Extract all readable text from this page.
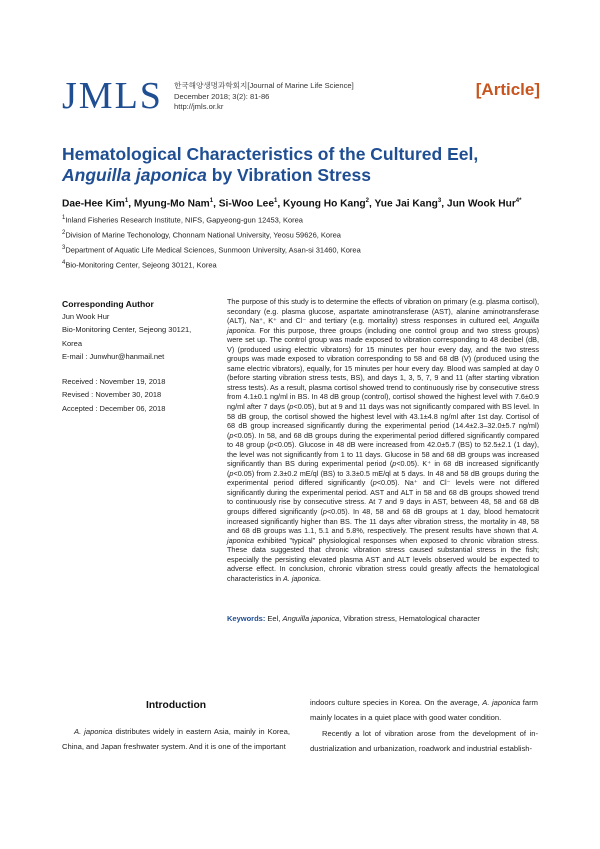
JMLS 한국해양생명과학회지[Journal of Marine Life Science]
December 2018; 3(2): 81-86
http://jmls.or.kr
[Article]
Hematological Characteristics of the Cultured Eel,
Anguilla japonica by Vibration Stress
Dae-Hee Kim$^1$, Myung-Mo Nam$^1$, Si-Woo Lee$^1$, Kyoung Ho Kang$^2$, Yue Jai Kang$^3$, Jun Wook Hur$^{4*}$
$^1$Inland Fisheries Research Institute, NIFS, Gapyeong-gun 12453, Korea
$^2$Division of Marine Techonology, Chonnam National University, Yeosu 59626, Korea
$^3$Department of Aquatic Life Medical Sciences, Sunmoon University, Asan-si 31460, Korea
$^4$Bio-Monitoring Center, Sejeong 30121, Korea
Corresponding Author
Jun Wook Hur
Bio-Monitoring Center, Sejeong 30121,
Korea
E-mail : Junwhur@hanmail.net
Received : November 19, 2018
Revised : November 30, 2018
Accepted : December 06, 2018
The purpose of this study is to determine the effects of vibration on primary (e.g. plasma cortisol), secondary (e.g. plasma glucose, aspartate aminotransferase (AST), alanine aminotransferase (ALT), Na⁺, K⁺ and Cl⁻ and tertiary (e.g. mortality) stress responses in cultured eel, Anguilla japonica. For this purpose, three groups (including one control group and two stress groups) were set up. The control group was made exposed to vibration corresponding to 48 decibel (dB, V) (produced using electric vibrators) for 15 minutes per hour every day, and the two stress groups was made exposed to vibration corresponding to 58 and 68 dB (V) (produced using the same electric vibrators), equally, for 15 minutes per hour every day. Blood was sampled at day 0 (before starting vibration stress tests, BS), and days 1, 3, 5, 7, 9 and 11 (after starting vibration stress tests). As a result, plasma cortisol showed trend to continuously rise by consecutive stress from 4.1±0.1 ng/ml in BS. In 48 dB group (control), cortisol showed the highest level with 7.6±0.9 ng/ml after 7 days (p<0.05), but at 9 and 11 days was not significantly compared with BS level. In 58 dB group, the cortisol showed the highest level with 43.1±4.8 ng/ml after 1st day. Cortisol of 68 dB group increased significantly during the experimental period (14.4±2.3–32.0±5.7 ng/ml) (p<0.05). In 58, and 68 dB groups during the experimental period differed significantly compared to 48 group (p<0.05). Glucose in 48 dB were increased from 42.0±5.7 (BS) to 52.5±2.1 (1 day), the level was not significantly from 1 to 11 days. Glucose in 58 and 68 dB groups was increased significantly than BS during experimental period (p<0.05). K⁺ in 68 dB increased significantly (p<0.05) from 2.3±0.2 mE/ql (BS) to 3.3±0.5 mE/ql at 5 days. In 48 and 58 dB groups during the experimental period differed significantly (p<0.05). Na⁺ and Cl⁻ levels were not differed significantly during the experimental period. AST and ALT in 58 and 68 dB groups showed trend to continuously rise by consecutive stress. At 7 and 9 days in AST, between 48, 58 and 68 dB groups differed significantly (p<0.05). In 48, 58 and 68 dB groups at 1 day, blood hematocrit increased significantly higher than BS. The 11 days after vibration stress, the mortality in 48, 58 and 68 dB groups was 1.1, 5.1 and 5.8%, respectively. The present results have shown that A. japonica exhibited "typical" physiological responses when exposed to chronic vibration stress. These data suggested that chronic vibration stress caused substantial stress in the fish; especially the persisting elevated plasma AST and ALT levels observed would be expected to adverse effect. In conclusion, chronic vibration stress could greatly affects the hematological characteristics in A. japonica.
Keywords: Eel, Anguilla japonica, Vibration stress, Hematological character
Introduction
A. japonica distributes widely in eastern Asia, mainly in Korea, China, and Japan freshwater system. And it is one of the important
indoors culture species in Korea. On the average, A. japonica farm mainly locates in a quiet place with good water condition.
Recently a lot of vibration arose from the development of in-dustrialization and urbanization, roadwork and industrial establish-
